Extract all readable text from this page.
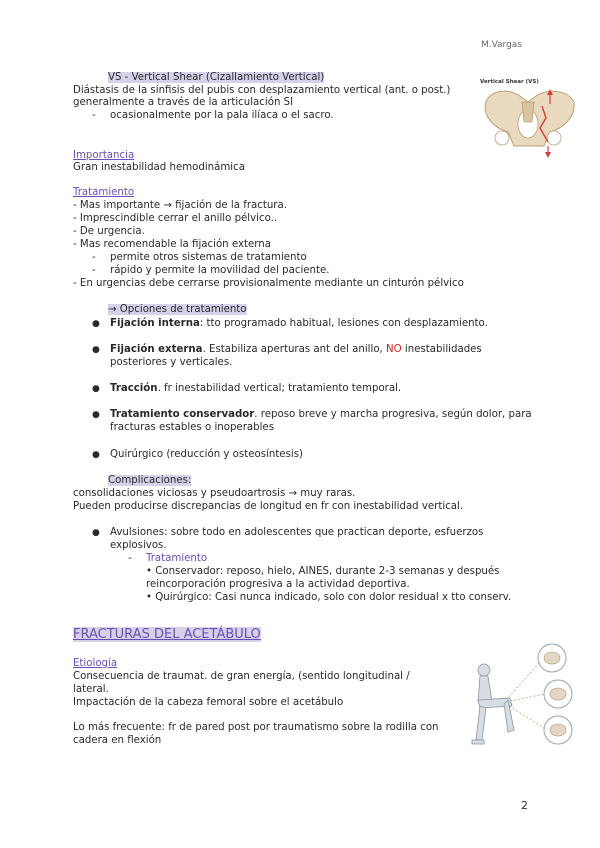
M.Vargas
VS - Vertical Shear (Cizallamiento Vertical)
Diástasis de la sínfisis del pubis con desplazamiento vertical (ant. o post.)
generalmente a través de la articulación SI
- ocasionalmente por la pala ilíaca o el sacro.
Vertical Shear (VS)
Importancia
Gran inestabilidad hemodinámica
Tratamiento
- Mas importante → fijación de la fractura.
- Imprescindible cerrar el anillo pélvico..
- De urgencia.
- Mas recomendable la fijación externa
- permite otros sistemas de tratamiento
- rápido y permite la movilidad del paciente.
- En urgencias debe cerrarse provisionalmente mediante un cinturón pélvico
→ Opciones de tratamiento
● Fijación interna: tto programado habitual, lesiones con desplazamiento.
● Fijación externa. Estabiliza aperturas ant del anillo, NO inestabilidades
posteriores y verticales.
● Tracción. fr inestabilidad vertical; tratamiento temporal.
● Tratamiento conservador. reposo breve y marcha progresiva, según dolor, para
fracturas estables o inoperables
● Quirúrgico (reducción y osteosíntesis)
Complicaciones:
consolidaciones viciosas y pseudoartrosis → muy raras.
Pueden producirse discrepancias de longitud en fr con inestabilidad vertical.
● Avulsiones: sobre todo en adolescentes que practican deporte, esfuerzos
explosivos.
- Tratamiento
• Conservador: reposo, hielo, AINES, durante 2-3 semanas y después
reincorporación progresiva a la actividad deportiva.
• Quirúrgico: Casi nunca indicado, solo con dolor residual x tto conserv.
FRACTURAS DEL ACETÁBULO
Etiología
Consecuencia de traumat. de gran energía, (sentido longitudinal /
lateral.
Impactación de la cabeza femoral sobre el acetábulo
Lo más frecuente: fr de pared post por traumatismo sobre la rodilla con
cadera en flexión
2
